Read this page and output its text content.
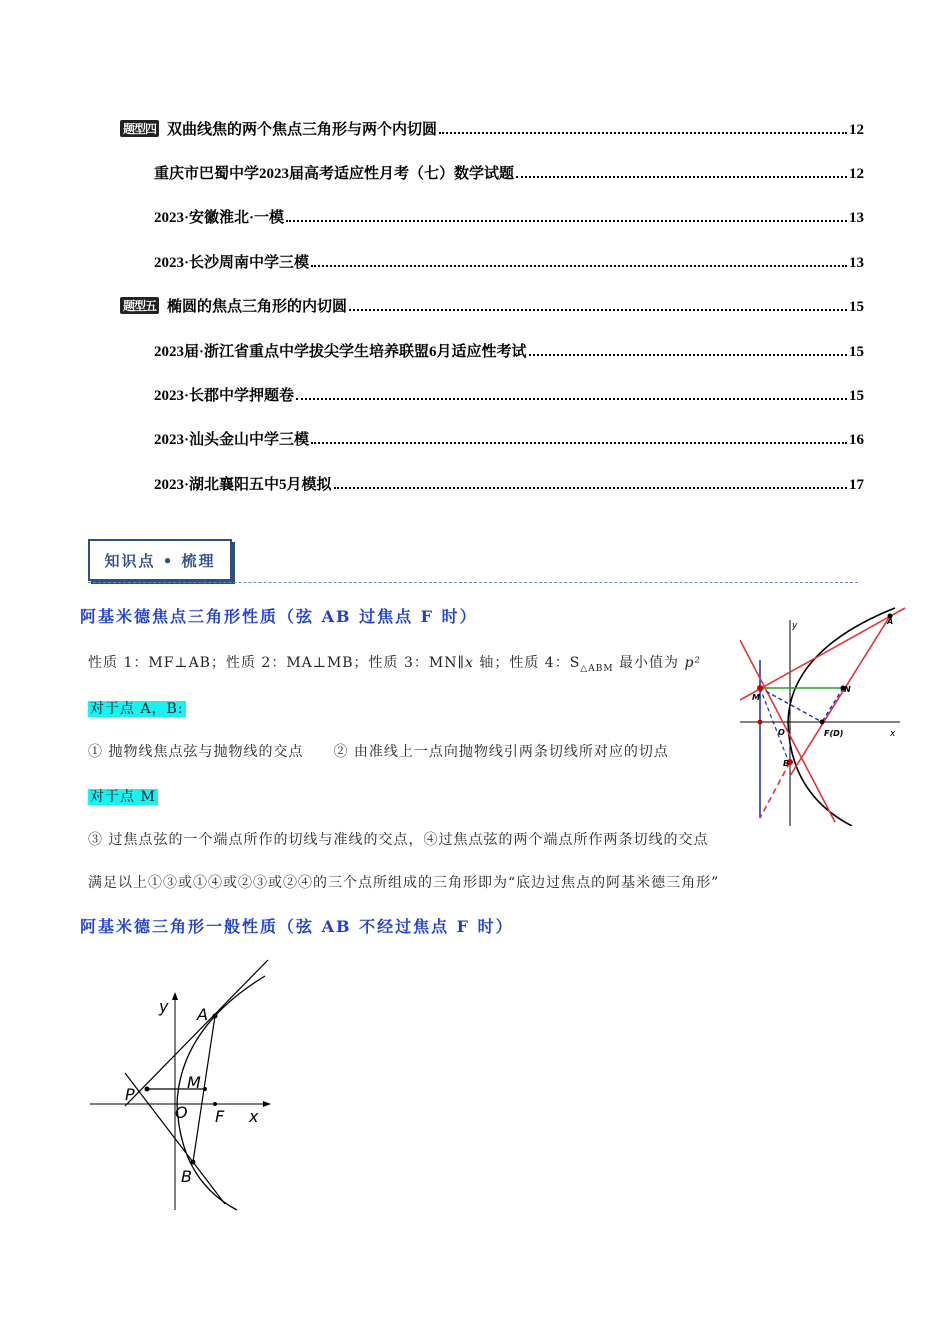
题型四 双曲线焦的两个焦点三角形与两个内切圆	12
重庆市巴蜀中学2023届高考适应性月考（七）数学试题	12
2023·安徽淮北·一模	13
2023·长沙周南中学三模	13
题型五 椭圆的焦点三角形的内切圆	15
2023届·浙江省重点中学拔尖学生培养联盟6月适应性考试	15
2023·长郡中学押题卷	15
2023·汕头金山中学三模	16
2023·湖北襄阳五中5月模拟	17
知识点 • 梳理
阿基米德焦点三角形性质（弦 AB 过焦点 F 时）
性质 1：MF⊥AB；性质 2：MA⊥MB；性质 3：MN∥x 轴；性质 4：$S_{\triangle ABM}$ 最小值为 p²
对于点 A，B:
① 抛物线焦点弦与抛物线的交点　　② 由准线上一点向抛物线引两条切线所对应的切点
对于点 M
③ 过焦点弦的一个端点所作的切线与准线的交点，④过焦点弦的两个端点所作两条切线的交点
满足以上①③或①④或②③或②④的三个点所组成的三角形即为“底边过焦点的阿基米德三角形”
阿基米德三角形一般性质（弦 AB 不经过焦点 F 时）
y
x
A
M
N
O	F(D)
B
y
x
A
P
M
O F
B
